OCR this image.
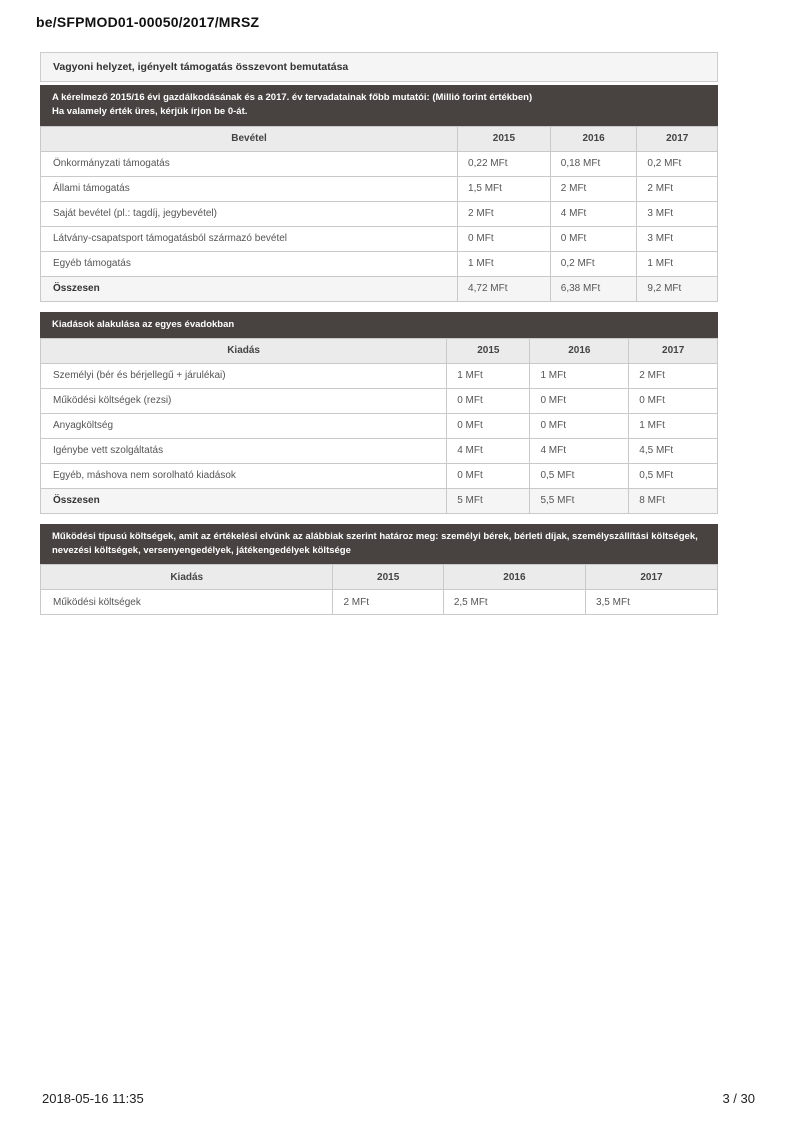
be/SFPMOD01-00050/2017/MRSZ
Vagyoni helyzet, igényelt támogatás összevont bemutatása
A kérelmező 2015/16 évi gazdálkodásának és a 2017. év tervadatainak főbb mutatói: (Millió forint értékben)
Ha valamely érték üres, kérjük írjon be 0-át.
Bevétel	2015	2016	2017
Önkormányzati támogatás	0,22 MFt	0,18 MFt	0,2 MFt
Állami támogatás	1,5 MFt	2 MFt	2 MFt
Saját bevétel (pl.: tagdíj, jegybevétel)	2 MFt	4 MFt	3 MFt
Látvány-csapatsport támogatásból származó bevétel	0 MFt	0 MFt	3 MFt
Egyéb támogatás	1 MFt	0,2 MFt	1 MFt
Összesen	4,72 MFt	6,38 MFt	9,2 MFt
Kiadások alakulása az egyes évadokban
Kiadás	2015	2016	2017
Személyi (bér és bérjellegű + járulékai)	1 MFt	1 MFt	2 MFt
Működési költségek (rezsi)	0 MFt	0 MFt	0 MFt
Anyagköltség	0 MFt	0 MFt	1 MFt
Igénybe vett szolgáltatás	4 MFt	4 MFt	4,5 MFt
Egyéb, máshova nem sorolható kiadások	0 MFt	0,5 MFt	0,5 MFt
Összesen	5 MFt	5,5 MFt	8 MFt
Működési típusú költségek, amit az értékelési elvünk az alábbiak szerint határoz meg: személyi bérek, bérleti díjak, személyszállítási költségek, nevezési költségek, versenyengedélyek, játékengedélyek költsége
Kiadás	2015	2016	2017
Működési költségek	2 MFt	2,5 MFt	3,5 MFt
2018-05-16 11:35	3 / 30
